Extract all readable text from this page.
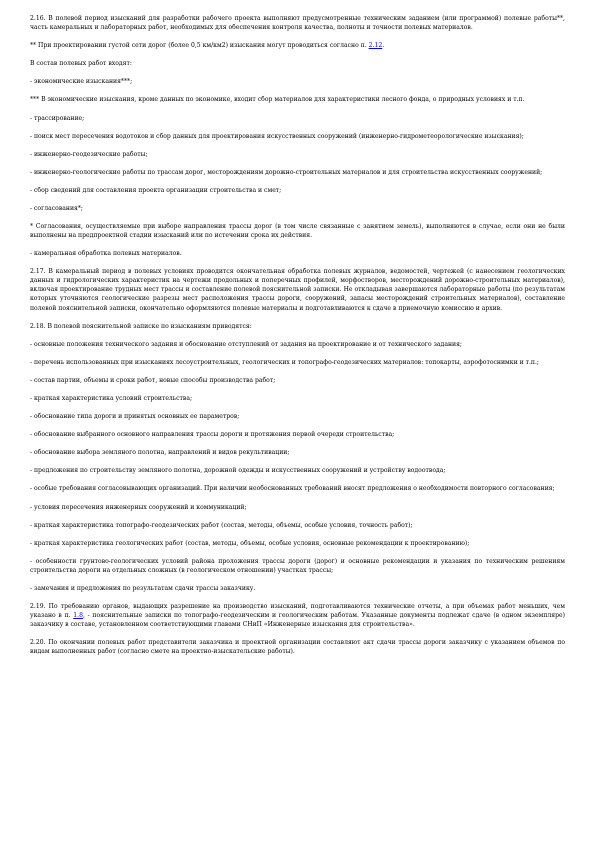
2.16. В полевой период изысканий для разработки рабочего проекта выполняют предусмотренные техническим заданием (или программой) полевые работы**, часть камеральных и лабораторных работ, необходимых для обеспечения контроля качества, полноты и точности полевых материалов.

** При проектировании густой сети дорог (более 0,5 км/км2) изыскания могут проводиться согласно п. 2.12.

В состав полевых работ входят:

- экономические изыскания***;

*** В экономические изыскания, кроме данных по экономике, входит сбор материалов для характеристики лесного фонда, о природных условиях и т.п.

- трассирование;

- поиск мест пересечения водотоков и сбор данных для проектирования искусственных сооружений (инженерно-гидрометеорологические изыскания);

- инженерно-геодезические работы;

- инженерно-геологические работы по трассам дорог, месторождениям дорожно-строительных материалов и для строительства искусственных сооружений;

- сбор сведений для составления проекта организации строительства и смет;

- согласования*;

* Согласования, осуществляемые при выборе направления трассы дорог (в том числе связанные с занятием земель), выполняются в случае, если они не были выполнены на предпроектной стадии изысканий или по истечении срока их действия.

- камеральная обработка полевых материалов.

2.17. В камеральный период в полевых условиях проводится окончательная обработка полевых журналов, ведомостей, чертежей (с нанесением геологических данных и гидрологических характеристик на чертежи продольных и поперечных профилей, морфостворов, месторождений дорожно-строительных материалов), включая проектирование трудных мест трассы и составление полевой пояснительной записки. Не откладывая завершаются лабораторные работы (по результатам которых уточняются геологические разрезы мест расположения трассы дороги, сооружений, запасы месторождений строительных материалов), составление полевой пояснительной записки, окончательно оформляются полевые материалы и подготавливаются к сдаче в приемочную комиссию и архив.

2.18. В полевой пояснительной записке по изысканиям приводятся:

- основные положения технического задания и обоснование отступлений от задания на проектирование и от технического задания;

- перечень использованных при изысканиях лесоустроительных, геологических и топографо-геодезических материалов: топокарты, аэрофотоснимки и т.п.;

- состав партии, объемы и сроки работ, новые способы производства работ;

- краткая характеристика условий строительства;

- обоснование типа дороги и принятых основных ее параметров;

- обоснование выбранного основного направления трассы дороги и протяжения первой очереди строительства;

- обоснование выбора земляного полотна, направлений и видов рекультивации;

- предложения по строительству земляного полотна, дорожной одежды и искусственных сооружений и устройству водоотвода;

- особые требования согласовывающих организаций. При наличии необоснованных требований вносят предложения о необходимости повторного согласования;

- условия пересечения инженерных сооружений и коммуникаций;

- краткая характеристика топографо-геодезических работ (состав, методы, объемы, особые условия, точность работ);

- краткая характеристика геологических работ (состав, методы, объемы, особые условия, основные рекомендации к проектированию);

- особенности грунтово-геологических условий района проложения трассы дороги (дорог) и основные рекомендации и указания по техническим решениям строительства дороги на отдельных сложных (в геологическом отношении) участках трассы;

- замечания и предложения по результатам сдачи трассы заказчику.

2.19. По требованию органов, выдающих разрешение на производство изысканий, подготавливаются технические отчеты, а при объемах работ меньших, чем указано в п. 1.8, - пояснительные записки по топографо-геодезическим и геологическим работам. Указанные документы подлежат сдаче (в одном экземпляре) заказчику в составе, установленном соответствующими главами СНиП «Инженерные изыскания для строительства».

2.20. По окончании полевых работ представители заказчика и проектной организации составляют акт сдачи трассы дороги заказчику с указанием объемов по видам выполненных работ (согласно смете на проектно-изыскательские работы).
